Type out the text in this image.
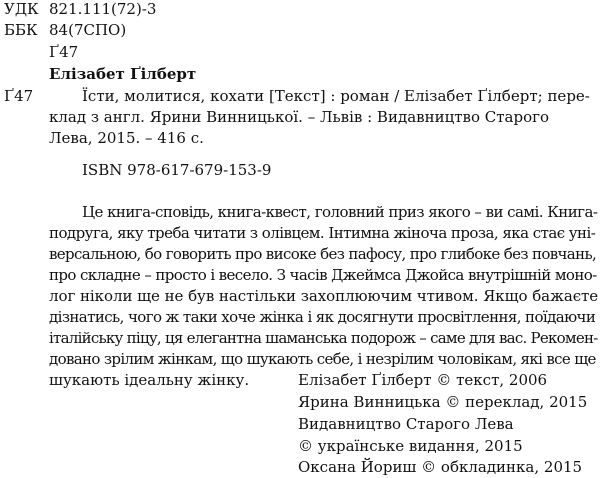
УДК 821.111(72)-3
ББК 84(7СПО)
Ґ47
Елізабет Ґілберт
Ґ47	Їсти, молитися, кохати [Текст] : роман / Елізабет Ґілберт; пере-
клад з англ. Ярини Винницької. – Львів : Видавництво Старого
Лева, 2015. – 416 с.
ISBN 978-617-679-153-9
Це книга-сповідь, книга-квест, головний приз якого – ви самі. Книга-
подруга, яку треба читати з олівцем. Інтимна жіноча проза, яка стає уні-
версальною, бо говорить про високе без пафосу, про глибоке без повчань,
про складне – просто і весело. З часів Джеймса Джойса внутрішній моно-
лог ніколи ще не був настільки захоплюючим чтивом. Якщо бажаєте
дізнатись, чого ж таки хоче жінка і як досягнути просвітлення, поїдаючи
італійську піцу, ця елегантна шаманська подорож – саме для вас. Рекомен-
довано зрілим жінкам, що шукають себе, і незрілим чоловікам, які все ще
шукають ідеальну жінку.	Елізабет Ґілберт © текст, 2006
Ярина Винницька © переклад, 2015
Видавництво Старого Лева
© українське видання, 2015
Оксана Йориш © обкладинка, 2015
